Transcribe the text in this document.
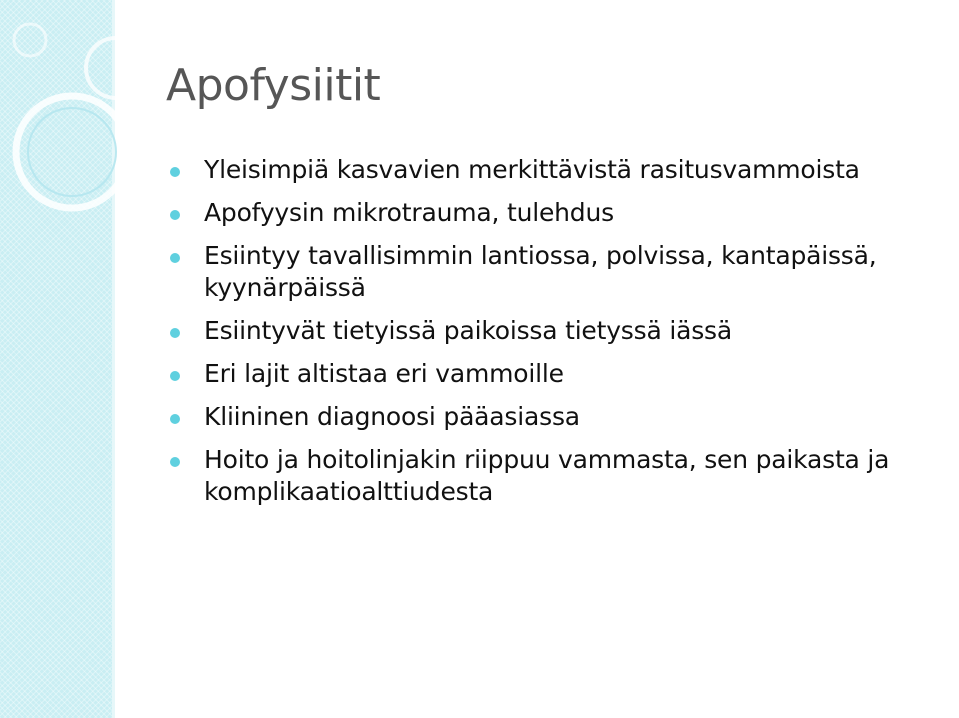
Apofysiitit
Yleisimpiä kasvavien merkittävistä rasitusvammoista
Apofyysin mikrotrauma, tulehdus
Esiintyy tavallisimmin lantiossa, polvissa, kantapäissä, kyynärpäissä
Esiintyvät tietyissä paikoissa tietyssä iässä
Eri lajit altistaa eri vammoille
Kliininen diagnoosi pääasiassa
Hoito ja hoitolinjakin riippuu vammasta, sen paikasta ja komplikaatioalttiudesta
